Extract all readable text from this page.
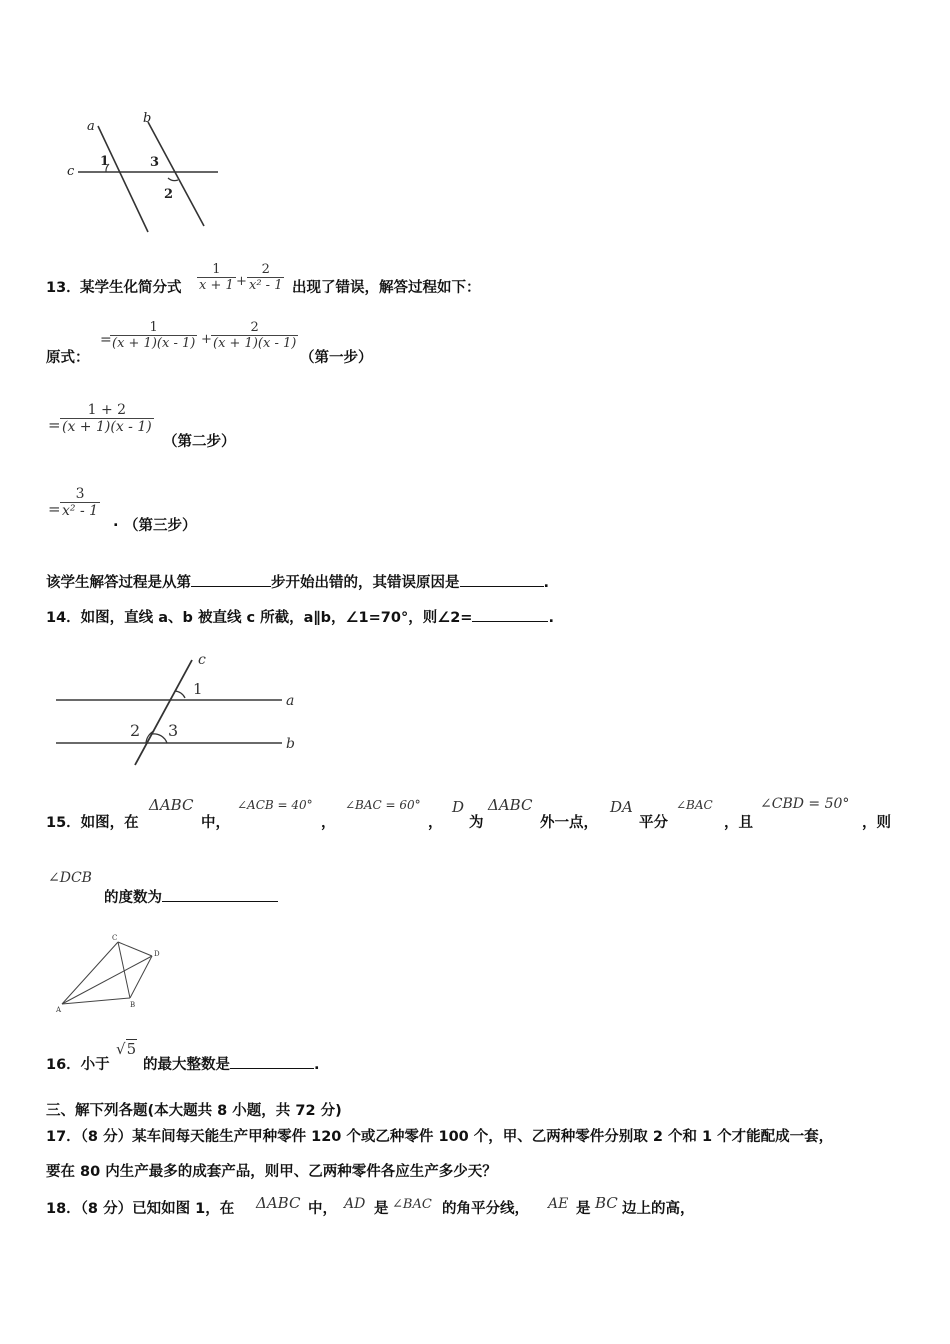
a
b
c
1	3
2
13． 某学生化简分式 $\frac{1}{x + 1} + \frac{2}{\text{x² - 1}}$ 出现了错误，解答过程如下：
原式：
=
$\frac{1}{(x + 1)(x - 1)} + \frac{2}{(x + 1)(x - 1)}$
（第一步）
= $\frac{1 + 2}{(x + 1)(x - 1)}$
（第二步）
= $\frac{3}{\text{x² - 1}}$
. （第三步）
该学生解答过程是从第	步开始出错的，其错误原因是	.
14．如图，直线 a、b 被直线 c 所截，a∥b，∠1=70°，则∠2=	.
c
1
a
2 3
b
15．如图，在
ΔABC
中，
∠ACB = 40°
，
∠BAC = 60°
，
D
为
ΔABC
外一点，
DA
平分
∠BAC
，且
∠CBD = 50°
，则
∠DCB
的度数为
C
D
A
B
16．小于
√5
的最大整数是	.
三、解下列各题(本大题共 8 小题，共 72 分)
17．（8 分）某车间每天能生产甲种零件 120 个或乙种零件 100 个，甲、乙两种零件分别取 2 个和 1 个才能配成一套，
要在 80 内生产最多的成套产品，则甲、乙两种零件各应生产多少天？
18．（8 分）已知如图 1，在 ΔABC 中， AD 是 ∠BAC 的角平分线， AE 是 BC 边上的高，
